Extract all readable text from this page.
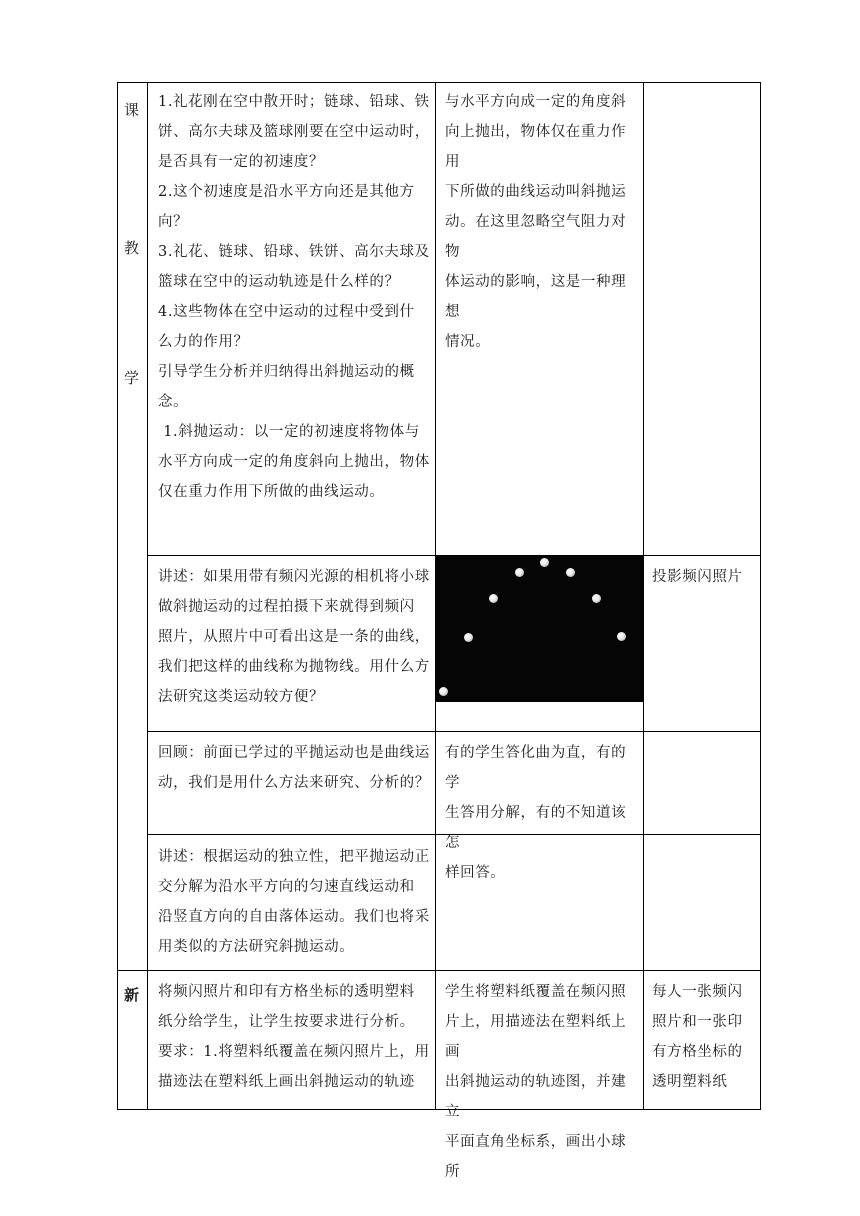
课
教
学
新

1.礼花刚在空中散开时；链球、铅球、铁

饼、高尔夫球及篮球刚要在空中运动时，

是否具有一定的初速度？

2.这个初速度是沿水平方向还是其他方

向？

3.礼花、链球、铅球、铁饼、高尔夫球及

篮球在空中的运动轨迹是什么样的？

4.这些物体在空中运动的过程中受到什

么力的作用？

引导学生分析并归纳得出斜抛运动的概

念。

1.斜抛运动：以一定的初速度将物体与

水平方向成一定的角度斜向上抛出，物体

仅在重力作用下所做的曲线运动。

与水平方向成一定的角度斜

向上抛出，物体仅在重力作用

下所做的曲线运动叫斜抛运

动。在这里忽略空气阻力对物

体运动的影响，这是一种理想

情况。

讲述：如果用带有频闪光源的相机将小球

做斜抛运动的过程拍摄下来就得到频闪

照片，从照片中可看出这是一条的曲线，

我们把这样的曲线称为抛物线。用什么方

法研究这类运动较方便？

投影频闪照片

回顾：前面已学过的平抛运动也是曲线运

动，我们是用什么方法来研究、分析的？

有的学生答化曲为直，有的学

生答用分解，有的不知道该怎

样回答。

讲述：根据运动的独立性，把平抛运动正

交分解为沿水平方向的匀速直线运动和

沿竖直方向的自由落体运动。我们也将采

用类似的方法研究斜抛运动。

将频闪照片和印有方格坐标的透明塑料

纸分给学生，让学生按要求进行分析。

要求：1.将塑料纸覆盖在频闪照片上，用

描迹法在塑料纸上画出斜抛运动的轨迹

学生将塑料纸覆盖在频闪照

片上，用描迹法在塑料纸上画

出斜抛运动的轨迹图，并建立

平面直角坐标系，画出小球所

每人一张频闪

照片和一张印

有方格坐标的

透明塑料纸
